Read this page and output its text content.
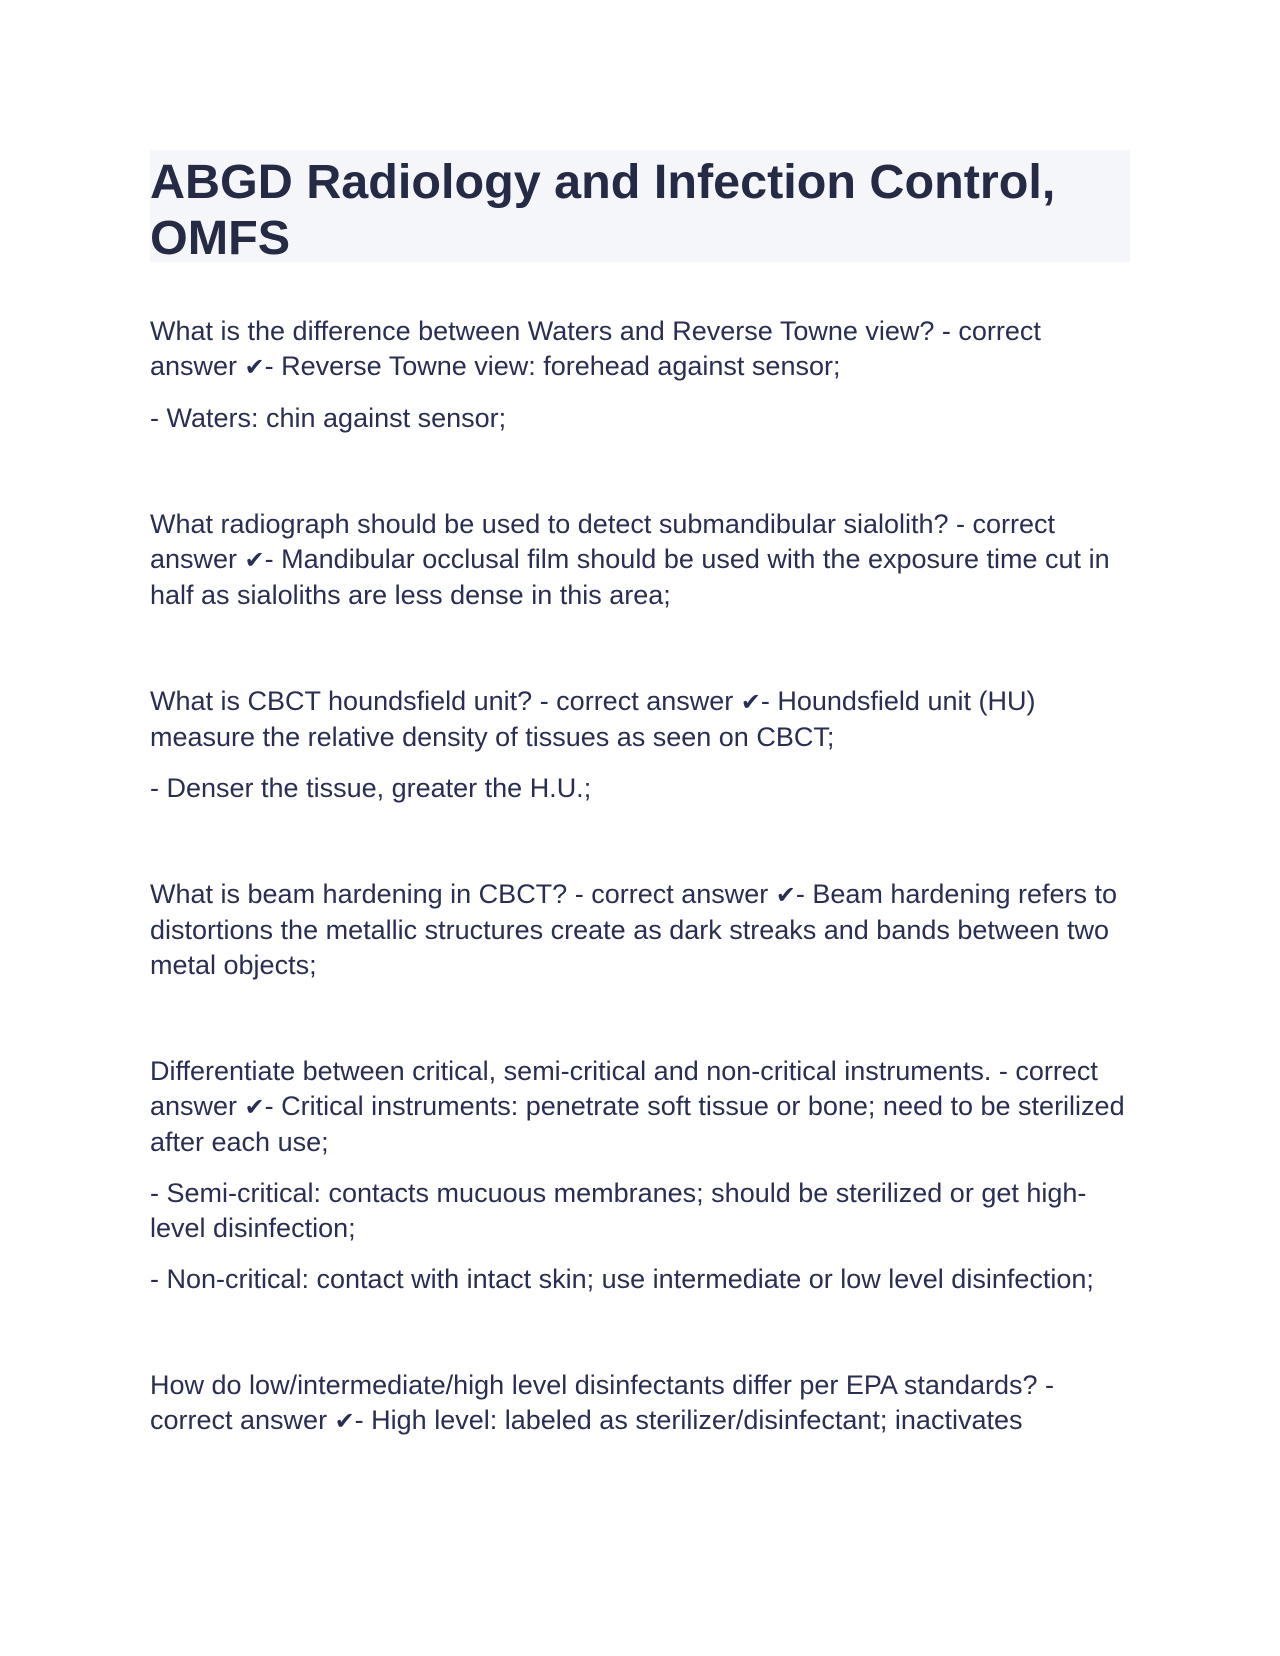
ABGD Radiology and Infection Control, OMFS

What is the difference between Waters and Reverse Towne view? - correct answer ✔- Reverse Towne view: forehead against sensor;

- Waters: chin against sensor;

What radiograph should be used to detect submandibular sialolith? - correct answer ✔- Mandibular occlusal film should be used with the exposure time cut in half as sialoliths are less dense in this area;

What is CBCT houndsfield unit? - correct answer ✔- Houndsfield unit (HU) measure the relative density of tissues as seen on CBCT;

- Denser the tissue, greater the H.U.;

What is beam hardening in CBCT? - correct answer ✔- Beam hardening refers to distortions the metallic structures create as dark streaks and bands between two metal objects;

Differentiate between critical, semi-critical and non-critical instruments. - correct answer ✔- Critical instruments: penetrate soft tissue or bone; need to be sterilized after each use;

- Semi-critical: contacts mucuous membranes; should be sterilized or get high-level disinfection;

- Non-critical: contact with intact skin; use intermediate or low level disinfection;

How do low/intermediate/high level disinfectants differ per EPA standards? - correct answer ✔- High level: labeled as sterilizer/disinfectant; inactivates
